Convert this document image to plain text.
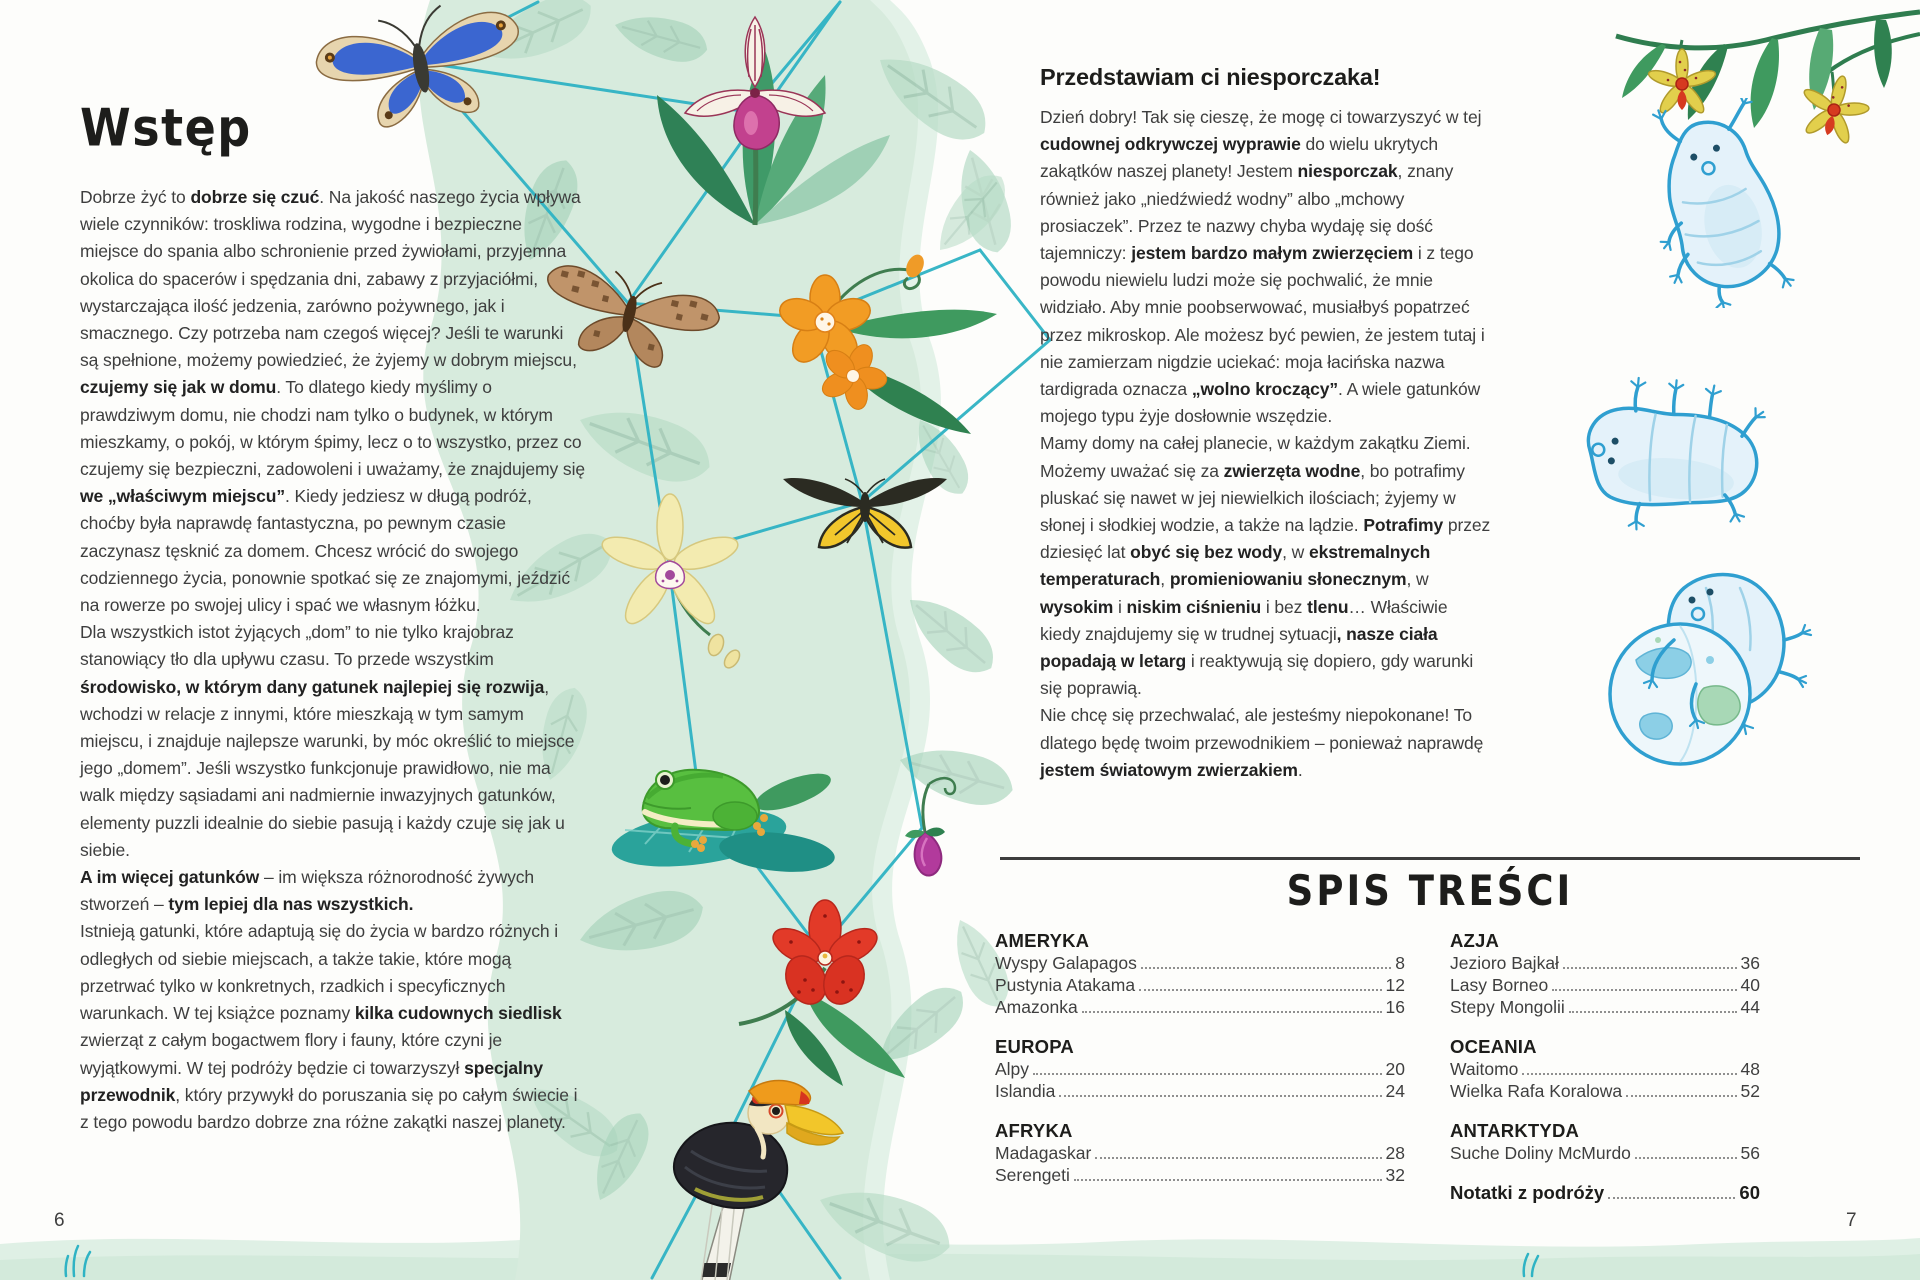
Wstęp

Dobrze żyć to dobrze się czuć. Na jakość naszego życia wpływa wiele czynników: troskliwa rodzina, wygodne i bezpieczne miejsce do spania albo schronienie przed żywiołami, przyjemna okolica do spacerów i spędzania dni, zabawy z przyjaciółmi, wystarczająca ilość jedzenia, zarówno pożywnego, jak i smacznego. Czy potrzeba nam czegoś więcej? Jeśli te warunki są spełnione, możemy powiedzieć, że żyjemy w dobrym miejscu, czujemy się jak w domu. To dlatego kiedy myślimy o prawdziwym domu, nie chodzi nam tylko o budynek, w którym mieszkamy, o pokój, w którym śpimy, lecz o to wszystko, przez co czujemy się bezpieczni, zadowoleni i uważamy, że znajdujemy się we „właściwym miejscu”. Kiedy jedziesz w długą podróż, choćby była naprawdę fantastyczna, po pewnym czasie zaczynasz tęsknić za domem. Chcesz wrócić do swojego codziennego życia, ponownie spotkać się ze znajomymi, jeździć na rowerze po swojej ulicy i spać we własnym łóżku.

Dla wszystkich istot żyjących „dom” to nie tylko krajobraz stanowiący tło dla upływu czasu. To przede wszystkim środowisko, w którym dany gatunek najlepiej się rozwija, wchodzi w relacje z innymi, które mieszkają w tym samym miejscu, i znajduje najlepsze warunki, by móc określić to miejsce jego „domem”. Jeśli wszystko funkcjonuje prawidłowo, nie ma walk między sąsiadami ani nadmiernie inwazyjnych gatunków, elementy puzzli idealnie do siebie pasują i każdy czuje się jak u siebie.

A im więcej gatunków – im większa różnorodność żywych stworzeń – tym lepiej dla nas wszystkich.

Istnieją gatunki, które adaptują się do życia w bardzo różnych i odległych od siebie miejscach, a także takie, które mogą przetrwać tylko w konkretnych, rzadkich i specyficznych warunkach. W tej książce poznamy kilka cudownych siedlisk zwierząt z całym bogactwem flory i fauny, które czyni je wyjątkowymi. W tej podróży będzie ci towarzyszył specjalny przewodnik, który przywykł do poruszania się po całym świecie i z tego powodu bardzo dobrze zna różne zakątki naszej planety.

Przedstawiam ci niesporczaka!

Dzień dobry! Tak się cieszę, że mogę ci towarzyszyć w tej cudownej odkrywczej wyprawie do wielu ukrytych zakątków naszej planety! Jestem niesporczak, znany również jako „niedźwiedź wodny” albo „mchowy prosiaczek”. Przez te nazwy chyba wydaję się dość tajemniczy: jestem bardzo małym zwierzęciem i z tego powodu niewielu ludzi może się pochwalić, że mnie widziało. Aby mnie poobserwować, musiałbyś popatrzeć przez mikroskop. Ale możesz być pewien, że jestem tutaj i nie zamierzam nigdzie uciekać: moja łacińska nazwa tardigrada oznacza „wolno kroczący”. A wiele gatunków mojego typu żyje dosłownie wszędzie.

Mamy domy na całej planecie, w każdym zakątku Ziemi. Możemy uważać się za zwierzęta wodne, bo potrafimy pluskać się nawet w jej niewielkich ilościach; żyjemy w słonej i słodkiej wodzie, a także na lądzie. Potrafimy przez dziesięć lat obyć się bez wody, w ekstremalnych temperaturach, promieniowaniu słonecznym, w wysokim i niskim ciśnieniu i bez tlenu… Właściwie kiedy znajdujemy się w trudnej sytuacji, nasze ciała popadają w letarg i reaktywują się dopiero, gdy warunki się poprawią.

Nie chcę się przechwalać, ale jesteśmy niepokonane! To dlatego będę twoim przewodnikiem – ponieważ naprawdę jestem światowym zwierzakiem.

SPIS TREŚCI
AMERYKA
Wyspy Galapagos	8
Pustynia Atakama	12
Amazonka	16
EUROPA
Alpy	20
Islandia	24
AFRYKA
Madagaskar	28
Serengeti	32
AZJA
Jezioro Bajkał	36
Lasy Borneo	40
Stepy Mongolii	44
OCEANIA
Waitomo	48
Wielka Rafa Koralowa	52
ANTARKTYDA
Suche Doliny McMurdo	56
Notatki z podróży	60
6	7
